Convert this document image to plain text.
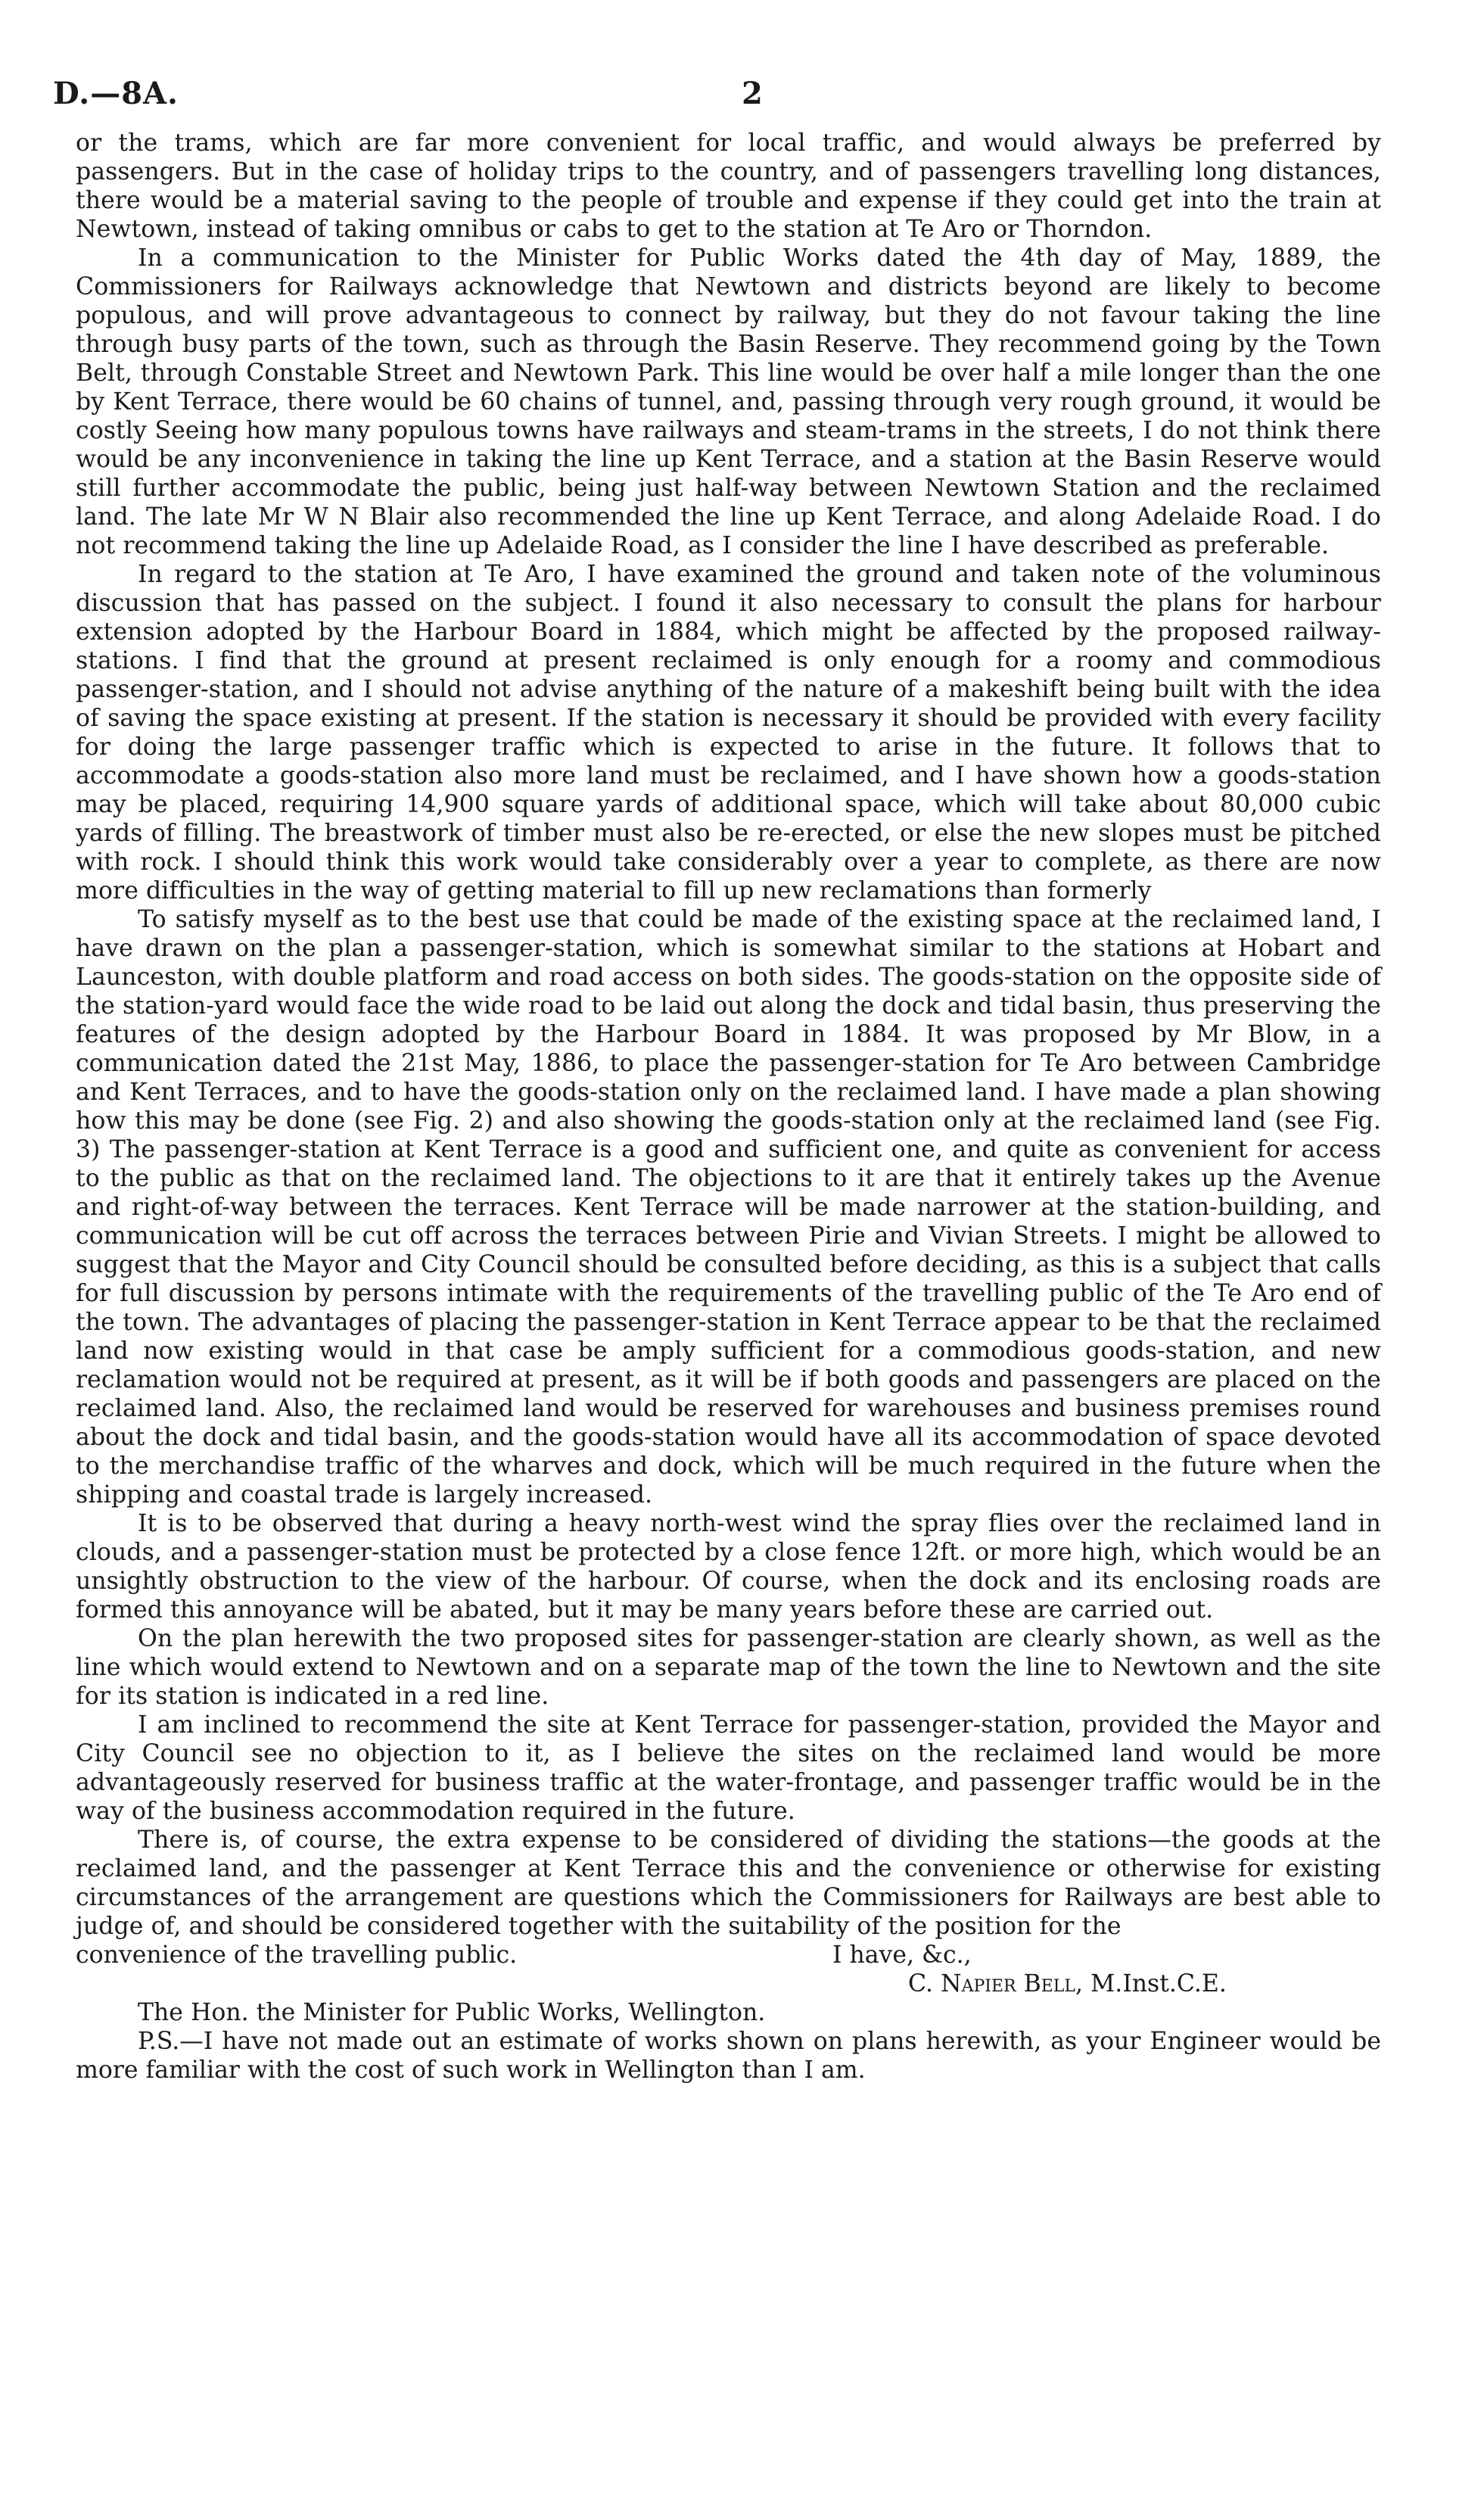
D.—8A.	2

or the trams, which are far more convenient for local traffic, and would always be preferred by passengers. But in the case of holiday trips to the country, and of passengers travelling long distances, there would be a material saving to the people of trouble and expense if they could get into the train at Newtown, instead of taking omnibus or cabs to get to the station at Te Aro or Thorndon.

In a communication to the Minister for Public Works dated the 4th day of May, 1889, the Commissioners for Railways acknowledge that Newtown and districts beyond are likely to become populous, and will prove advantageous to connect by railway, but they do not favour taking the line through busy parts of the town, such as through the Basin Reserve. They recommend going by the Town Belt, through Constable Street and Newtown Park. This line would be over half a mile longer than the one by Kent Terrace, there would be 60 chains of tunnel, and, passing through very rough ground, it would be costly Seeing how many populous towns have railways and steam-trams in the streets, I do not think there would be any inconvenience in taking the line up Kent Terrace, and a station at the Basin Reserve would still further accommodate the public, being just half-way between Newtown Station and the reclaimed land. The late Mr W N Blair also recommended the line up Kent Terrace, and along Adelaide Road. I do not recommend taking the line up Adelaide Road, as I consider the line I have described as preferable.

In regard to the station at Te Aro, I have examined the ground and taken note of the voluminous discussion that has passed on the subject. I found it also necessary to consult the plans for harbour extension adopted by the Harbour Board in 1884, which might be affected by the proposed railway-stations. I find that the ground at present reclaimed is only enough for a roomy and commodious passenger-station, and I should not advise anything of the nature of a makeshift being built with the idea of saving the space existing at present. If the station is necessary it should be provided with every facility for doing the large passenger traffic which is expected to arise in the future. It follows that to accommodate a goods-station also more land must be reclaimed, and I have shown how a goods-station may be placed, requiring 14,900 square yards of additional space, which will take about 80,000 cubic yards of filling. The breastwork of timber must also be re-erected, or else the new slopes must be pitched with rock. I should think this work would take considerably over a year to complete, as there are now more difficulties in the way of getting material to fill up new reclamations than formerly

To satisfy myself as to the best use that could be made of the existing space at the reclaimed land, I have drawn on the plan a passenger-station, which is somewhat similar to the stations at Hobart and Launceston, with double platform and road access on both sides. The goods-station on the opposite side of the station-yard would face the wide road to be laid out along the dock and tidal basin, thus preserving the features of the design adopted by the Harbour Board in 1884. It was proposed by Mr Blow, in a communication dated the 21st May, 1886, to place the passenger-station for Te Aro between Cambridge and Kent Terraces, and to have the goods-station only on the reclaimed land. I have made a plan showing how this may be done (see Fig. 2) and also showing the goods-station only at the reclaimed land (see Fig. 3) The passenger-station at Kent Terrace is a good and sufficient one, and quite as convenient for access to the public as that on the reclaimed land. The objections to it are that it entirely takes up the Avenue and right-of-way between the terraces. Kent Terrace will be made narrower at the station-building, and communication will be cut off across the terraces between Pirie and Vivian Streets. I might be allowed to suggest that the Mayor and City Council should be consulted before deciding, as this is a subject that calls for full discussion by persons intimate with the requirements of the travelling public of the Te Aro end of the town. The advantages of placing the passenger-station in Kent Terrace appear to be that the reclaimed land now existing would in that case be amply sufficient for a commodious goods-station, and new reclamation would not be required at present, as it will be if both goods and passengers are placed on the reclaimed land. Also, the reclaimed land would be reserved for warehouses and business premises round about the dock and tidal basin, and the goods-station would have all its accommodation of space devoted to the merchandise traffic of the wharves and dock, which will be much required in the future when the shipping and coastal trade is largely increased.

It is to be observed that during a heavy north-west wind the spray flies over the reclaimed land in clouds, and a passenger-station must be protected by a close fence 12ft. or more high, which would be an unsightly obstruction to the view of the harbour. Of course, when the dock and its enclosing roads are formed this annoyance will be abated, but it may be many years before these are carried out.

On the plan herewith the two proposed sites for passenger-station are clearly shown, as well as the line which would extend to Newtown and on a separate map of the town the line to Newtown and the site for its station is indicated in a red line.

I am inclined to recommend the site at Kent Terrace for passenger-station, provided the Mayor and City Council see no objection to it, as I believe the sites on the reclaimed land would be more advantageously reserved for business traffic at the water-frontage, and passenger traffic would be in the way of the business accommodation required in the future.

There is, of course, the extra expense to be considered of dividing the stations—the goods at the reclaimed land, and the passenger at Kent Terrace this and the convenience or otherwise for existing circumstances of the arrangement are questions which the Commissioners for Railways are best able to judge of, and should be considered together with the suitability of the position for the

convenience of the travelling public.	I have, &c.,
C. Napier Bell, M.Inst.C.E.

The Hon. the Minister for Public Works, Wellington.

P.S.—I have not made out an estimate of works shown on plans herewith, as your Engineer would be more familiar with the cost of such work in Wellington than I am.
